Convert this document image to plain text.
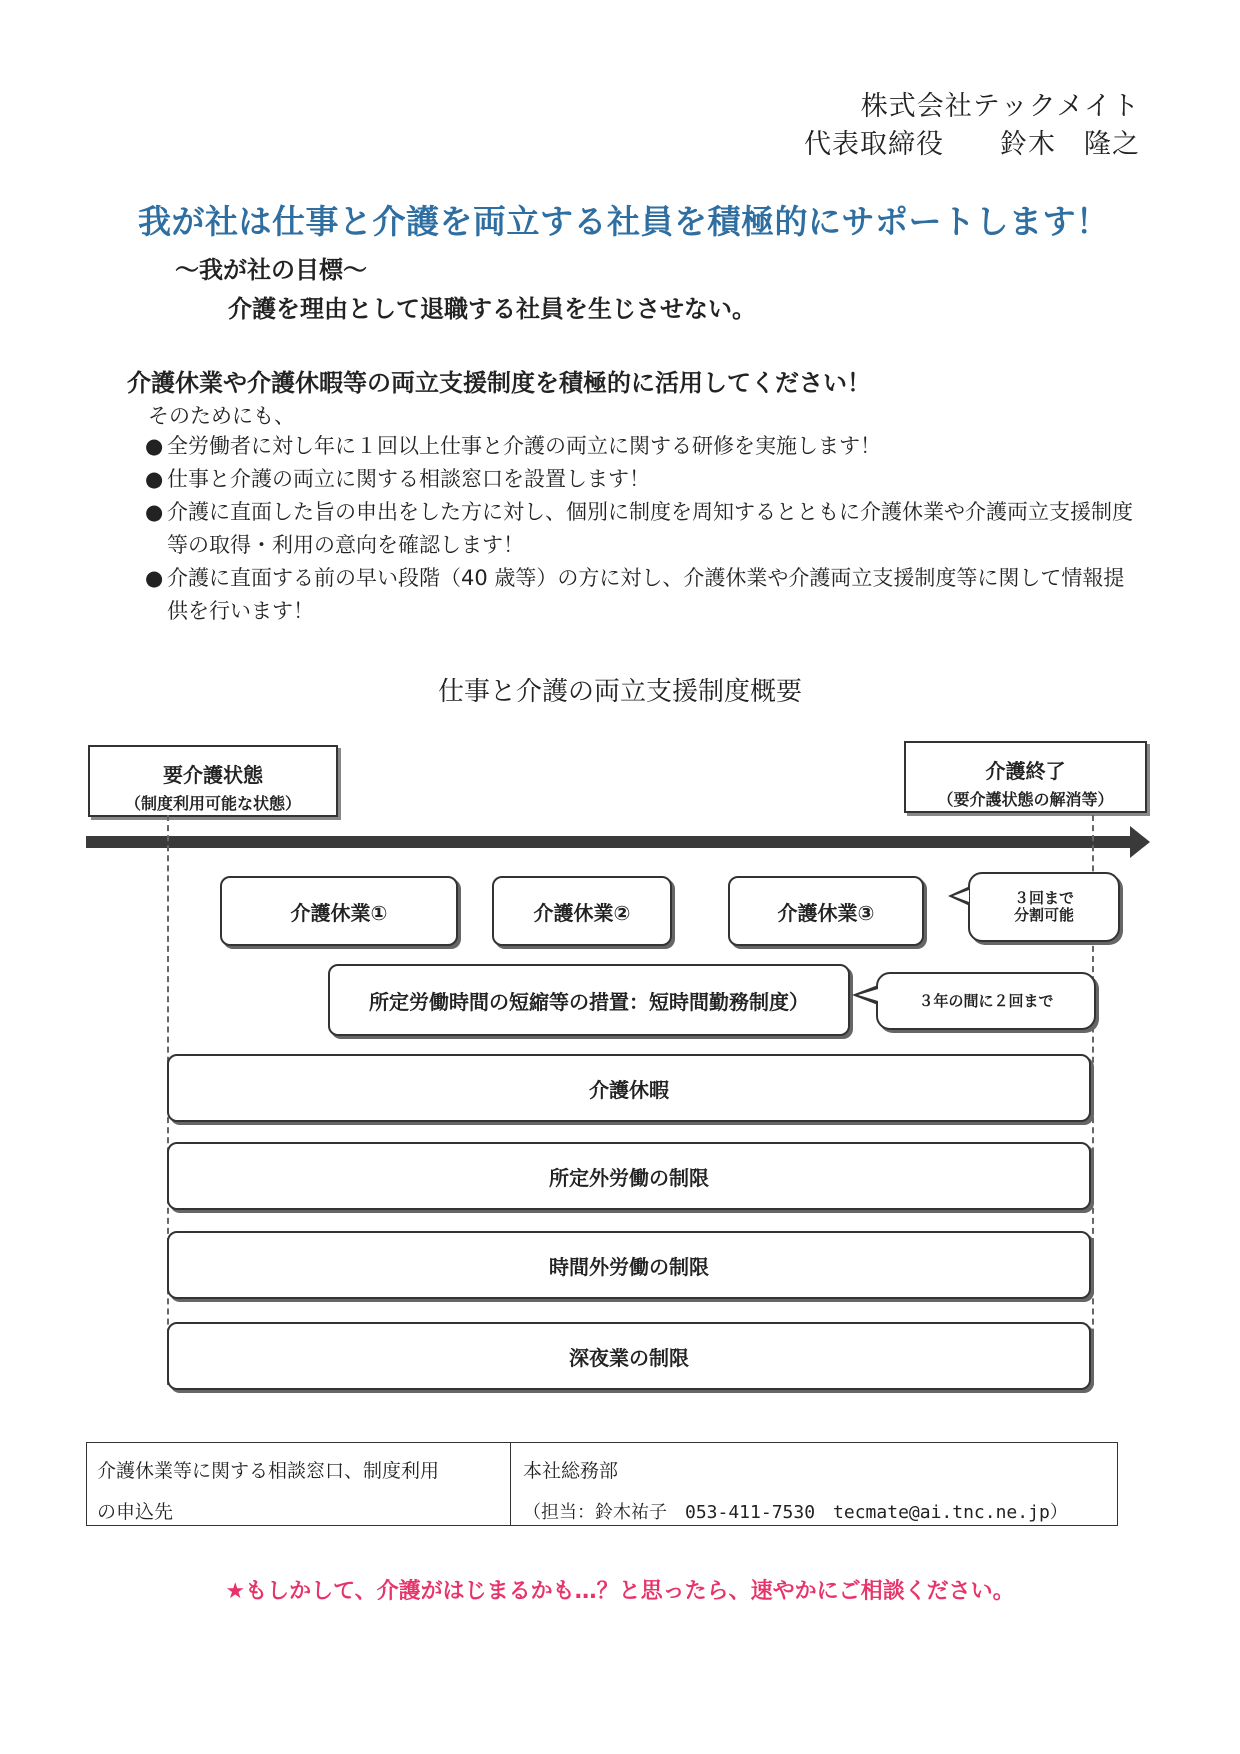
株式会社テックメイト
代表取締役　　鈴木　隆之
我が社は仕事と介護を両立する社員を積極的にサポートします！
～我が社の目標～
介護を理由として退職する社員を生じさせない。
介護休業や介護休暇等の両立支援制度を積極的に活用してください！
そのためにも、
● 全労働者に対し年に１回以上仕事と介護の両立に関する研修を実施します！
● 仕事と介護の両立に関する相談窓口を設置します！
● 介護に直面した旨の申出をした方に対し、個別に制度を周知するとともに介護休業や介護両立支援制度等の取得・利用の意向を確認します！
● 介護に直面する前の早い段階（40 歳等）の方に対し、介護休業や介護両立支援制度等に関して情報提供を行います！
仕事と介護の両立支援制度概要
要介護状態
（制度利用可能な状態）
介護終了
（要介護状態の解消等）
介護休業①	介護休業②	介護休業③
３回まで
分割可能
所定労働時間の短縮等の措置：短時間勤務制度）	３年の間に２回まで
介護休暇
所定外労働の制限
時間外労働の制限
深夜業の制限
介護休業等に関する相談窓口、制度利用
の申込先
本社総務部
（担当：鈴木祐子　053-411-7530　tecmate@ai.tnc.ne.jp）
★もしかして、介護がはじまるかも…？と思ったら、速やかにご相談ください。
